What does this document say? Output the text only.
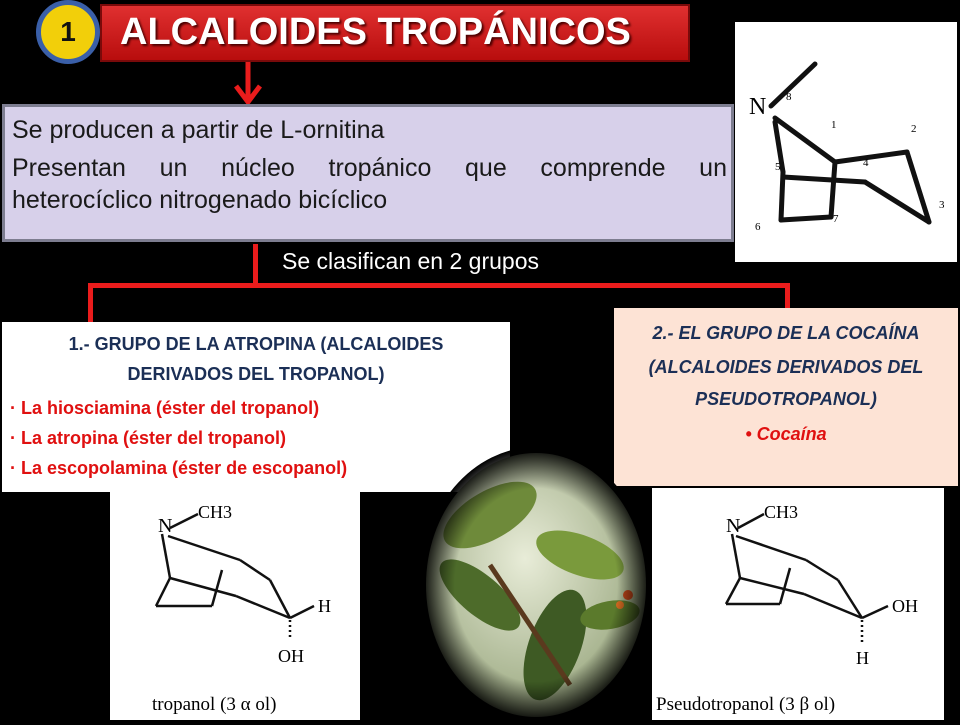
ALCALOIDES TROPÁNICOS
1
Se producen a partir de L-ornitina
Presentan un núcleo tropánico que comprende un
heterocíclico nitrogenado bicíclico
Se clasifican en 2 grupos
1.- GRUPO DE LA ATROPINA (ALCALOIDES
DERIVADOS DEL TROPANOL)
· La hiosciamina (éster del tropanol)
· La atropina (éster del tropanol)
· La escopolamina (éster de escopanol)
2.- EL GRUPO DE LA COCAÍNA
(ALCALOIDES DERIVADOS DEL
PSEUDOTROPANOL)
• Cocaína
N 8
1	2
3
4
5
6
7
N
CH3
H
OH
tropanol (3 α ol)
N
CH3
OH
H
Pseudotropanol (3 β ol)
